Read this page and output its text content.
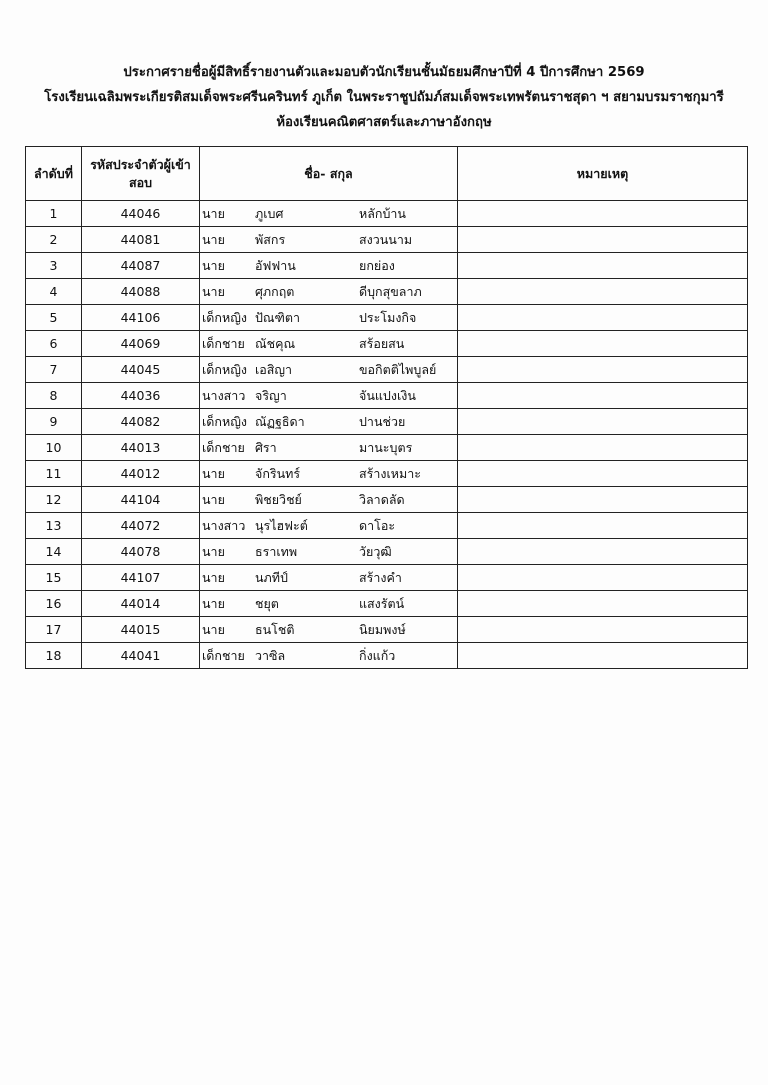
ประกาศรายชื่อผู้มีสิทธิ์รายงานตัวและมอบตัวนักเรียนชั้นมัธยมศึกษาปีที่ 4 ปีการศึกษา 2569
โรงเรียนเฉลิมพระเกียรติสมเด็จพระศรีนครินทร์ ภูเก็ต ในพระราชูปถัมภ์สมเด็จพระเทพรัตนราชสุดา ฯ สยามบรมราชกุมารี
ห้องเรียนคณิตศาสตร์และภาษาอังกฤษ
ลำดับที่	รหัสประจำตัวผู้เข้าสอบ	ชื่อ- สกุล	หมายเหตุ
1	44046	นาย ภูเบศ หลักบ้าน	

2	44081	นาย พัสกร สงวนนาม	

3	44087	นาย อัฟฟาน ยกย่อง	

4	44088	นาย ศุภกฤต ดีบุกสุขลาภ	

5	44106	เด็กหญิง ปัณฑิตา ประโมงกิจ	

6	44069	เด็กชาย ณัชคุณ สร้อยสน	

7	44045	เด็กหญิง เอสิญา ขอกิตติไพบูลย์	

8	44036	นางสาว จริญา จันแปงเงิน	

9	44082	เด็กหญิง ณัฏฐธิดา ปานช่วย	

10	44013	เด็กชาย ศิรา มานะบุตร	

11	44012	นาย จักรินทร์ สร้างเหมาะ	

12	44104	นาย พิชยวิชย์ วิลาดลัด	

13	44072	นางสาว นุรไฮฟะต์ ดาโอะ	

14	44078	นาย ธราเทพ วัยวุฒิ	

15	44107	นาย นภทีป์ สร้างคำ	

16	44014	นาย ชยุต แสงรัตน์	

17	44015	นาย ธนโชติ นิยมพงษ์	

18	44041	เด็กชาย วาซิล กิ่งแก้ว	
